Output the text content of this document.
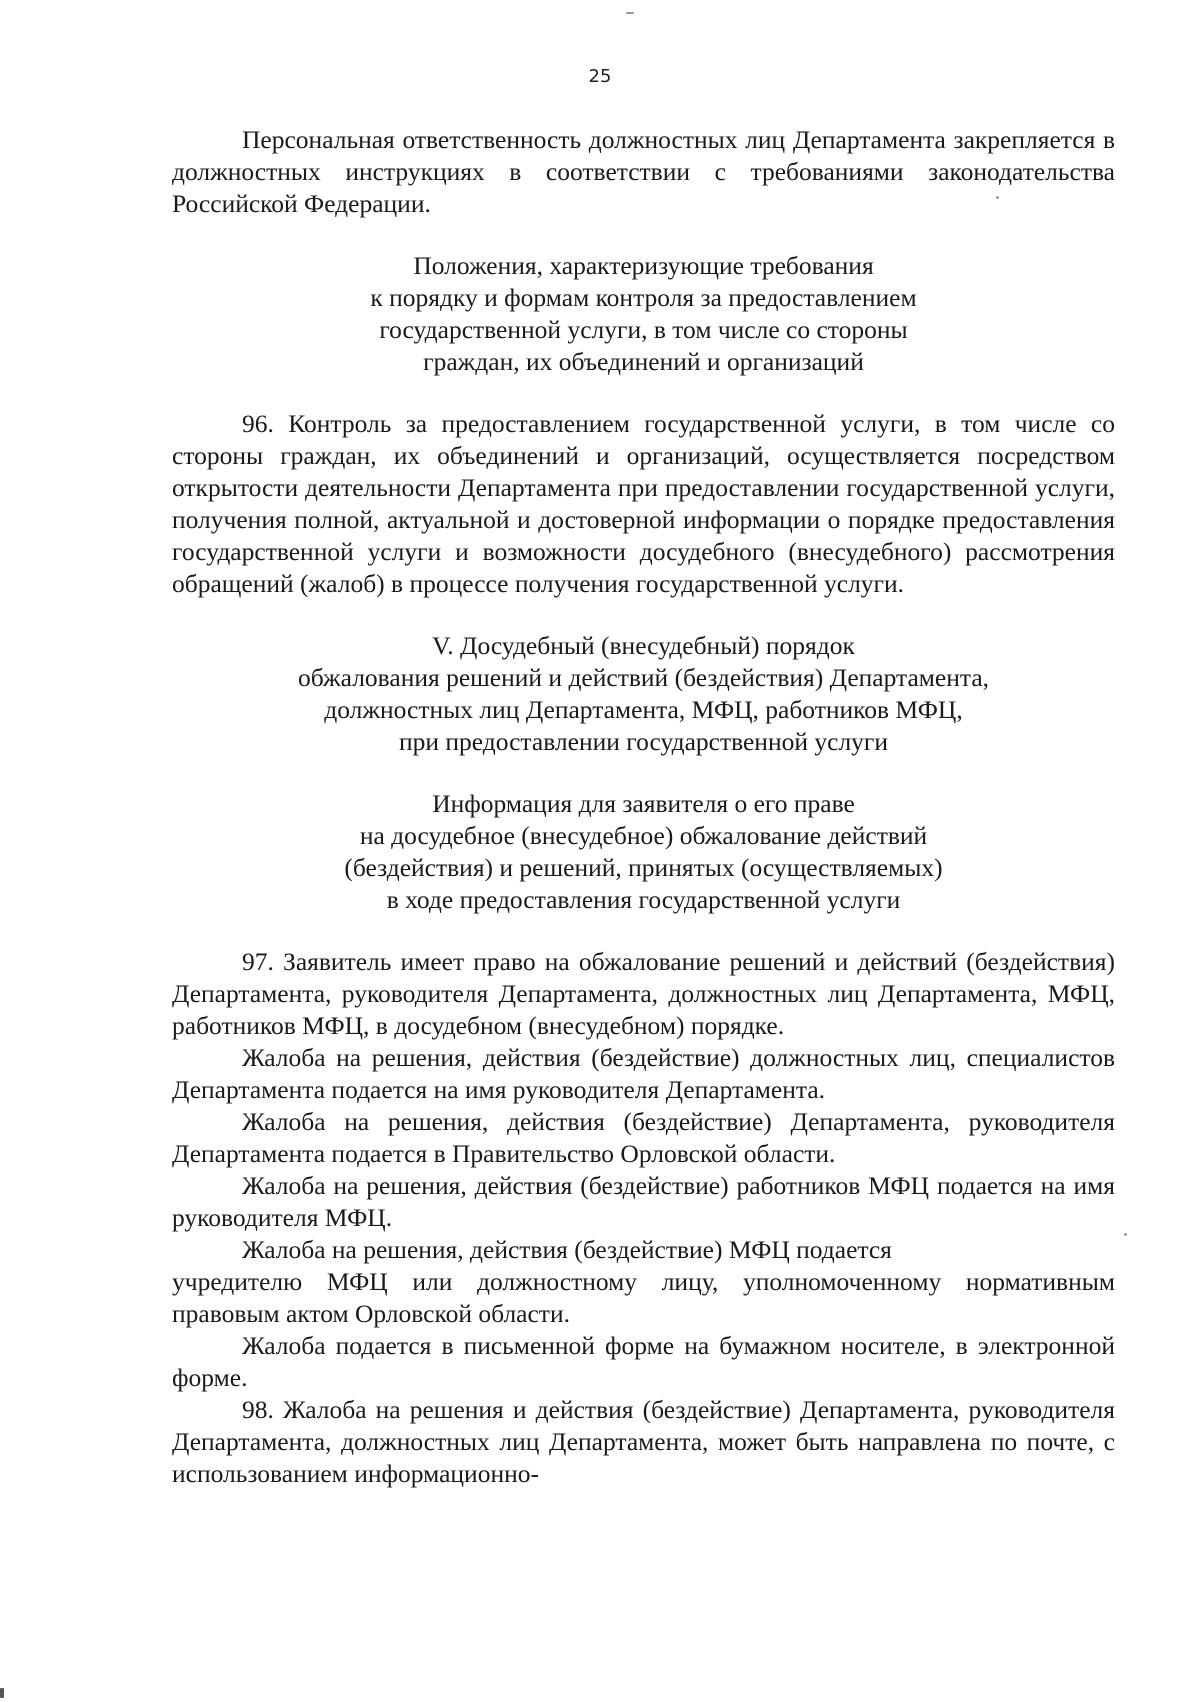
25

Персональная ответственность должностных лиц Департамента закрепляется в должностных инструкциях в соответствии с требованиями законодательства Российской Федерации.

Положения, характеризующие требования
к порядку и формам контроля за предоставлением
государственной услуги, в том числе со стороны
граждан, их объединений и организаций

96. Контроль за предоставлением государственной услуги, в том числе со стороны граждан, их объединений и организаций, осуществляется посредством открытости деятельности Департамента при предоставлении государственной услуги, получения полной, актуальной и достоверной информации о порядке предоставления государственной услуги и возможности досудебного (внесудебного) рассмотрения обращений (жалоб) в процессе получения государственной услуги.

V. Досудебный (внесудебный) порядок
обжалования решений и действий (бездействия) Департамента,
должностных лиц Департамента, МФЦ, работников МФЦ,
при предоставлении государственной услуги

Информация для заявителя о его праве
на досудебное (внесудебное) обжалование действий
(бездействия) и решений, принятых (осуществляемых)
в ходе предоставления государственной услуги

97. Заявитель имеет право на обжалование решений и действий (бездействия) Департамента, руководителя Департамента, должностных лиц Департамента, МФЦ, работников МФЦ, в досудебном (внесудебном) порядке.

Жалоба на решения, действия (бездействие) должностных лиц, специалистов Департамента подается на имя руководителя Департамента.

Жалоба на решения, действия (бездействие) Департамента, руководителя Департамента подается в Правительство Орловской области.

Жалоба на решения, действия (бездействие) работников МФЦ подается на имя руководителя МФЦ.

Жалоба на решения, действия (бездействие) МФЦ подается

учредителю МФЦ или должностному лицу, уполномоченному нормативным правовым актом Орловской области.

Жалоба подается в письменной форме на бумажном носителе, в электронной форме.

98. Жалоба на решения и действия (бездействие) Департамента, руководителя Департамента, должностных лиц Департамента, может быть направлена по почте, с использованием информационно-
